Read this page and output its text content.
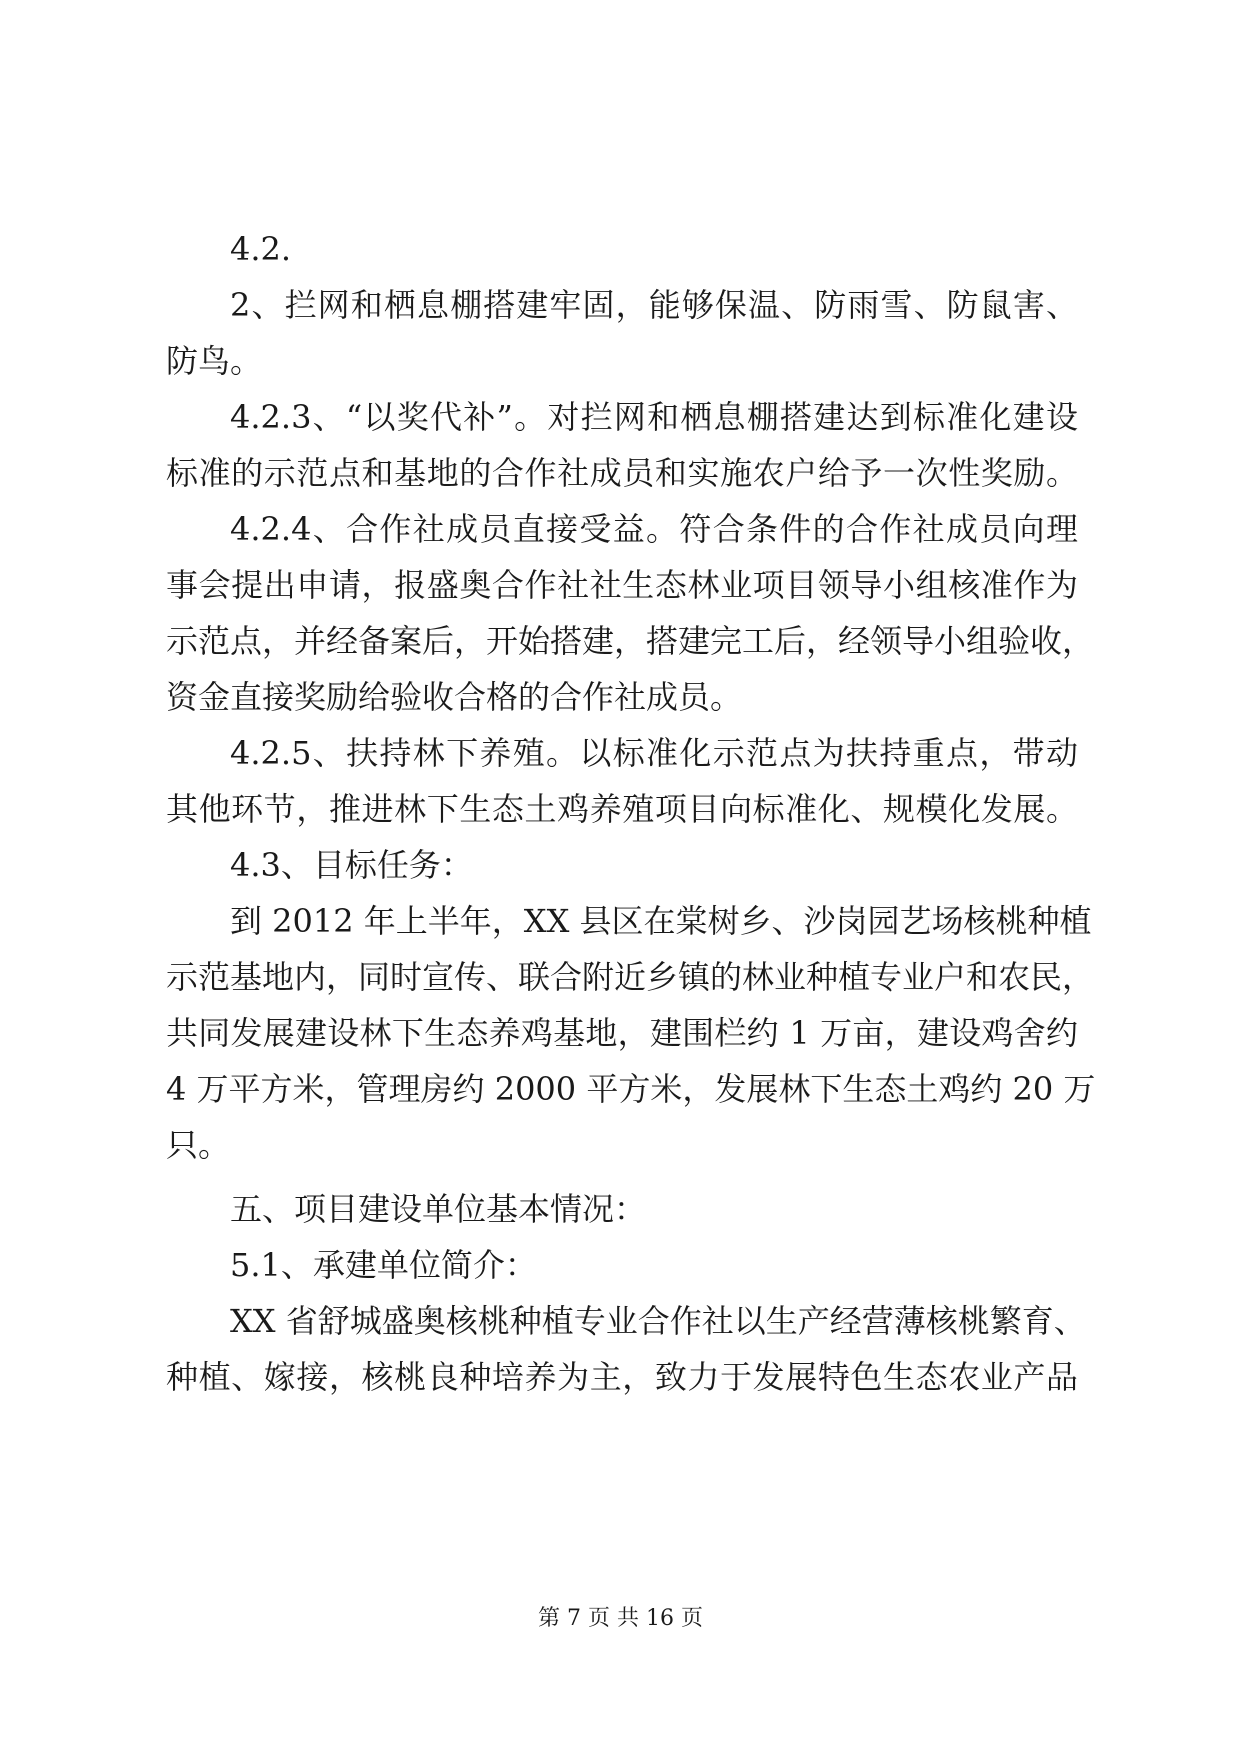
4.2.
2、拦网和栖息棚搭建牢固，能够保温、防雨雪、防鼠害、
防鸟。
4.2.3、“以奖代补”。对拦网和栖息棚搭建达到标准化建设
标准的示范点和基地的合作社成员和实施农户给予一次性奖励。
4.2.4、合作社成员直接受益。符合条件的合作社成员向理
事会提出申请，报盛奥合作社社生态林业项目领导小组核准作为
示范点，并经备案后，开始搭建，搭建完工后，经领导小组验收，
资金直接奖励给验收合格的合作社成员。
4.2.5、扶持林下养殖。以标准化示范点为扶持重点，带动
其他环节，推进林下生态土鸡养殖项目向标准化、规模化发展。
4.3、目标任务：
到 2012 年上半年，XX 县区在棠树乡、沙岗园艺场核桃种植
示范基地内，同时宣传、联合附近乡镇的林业种植专业户和农民，
共同发展建设林下生态养鸡基地，建围栏约 1 万亩，建设鸡舍约
4 万平方米，管理房约 2000 平方米，发展林下生态土鸡约 20 万
只。
五、项目建设单位基本情况：
5.1、承建单位简介：
XX 省舒城盛奥核桃种植专业合作社以生产经营薄核桃繁育、
种植、嫁接，核桃良种培养为主，致力于发展特色生态农业产品
第 7 页 共 16 页
